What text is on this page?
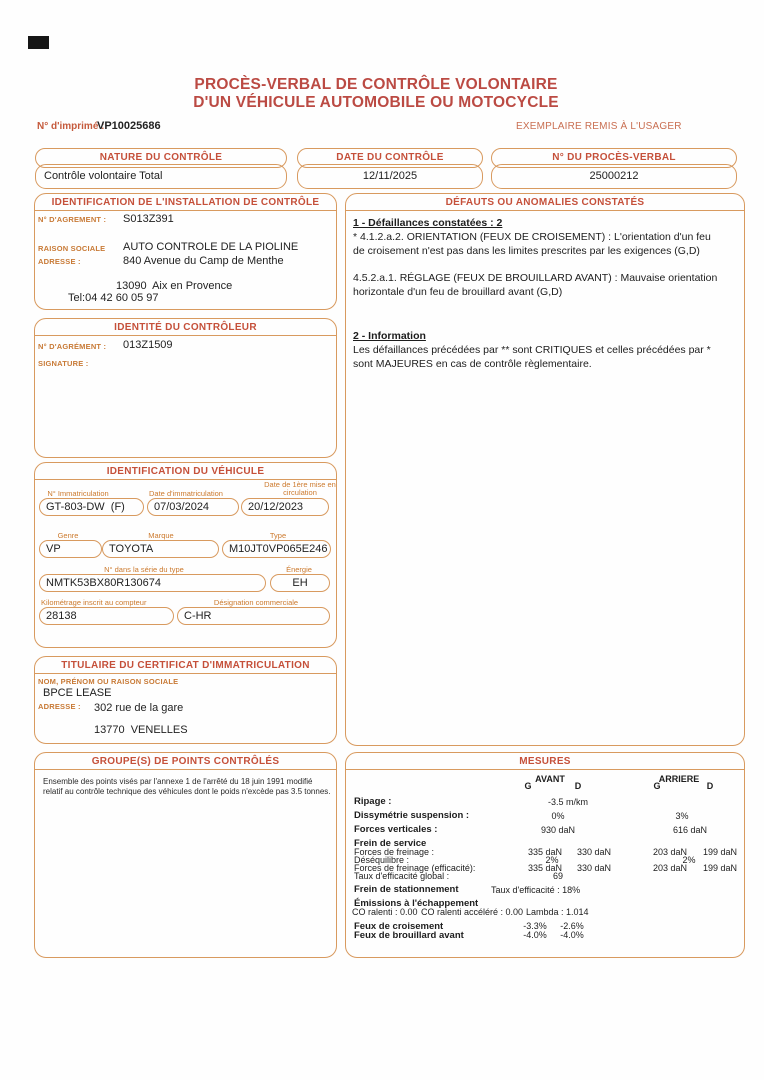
PROCÈS-VERBAL DE CONTRÔLE VOLONTAIRE
D'UN VÉHICULE AUTOMOBILE OU MOTOCYCLE
N° d'imprimé :
VP10025686	EXEMPLAIRE REMIS À L'USAGER
NATURE DU CONTRÔLE
Contrôle volontaire Total
DATE DU CONTRÔLE
12/11/2025
N° DU PROCÈS-VERBAL
25000212
IDENTIFICATION DE L'INSTALLATION DE CONTRÔLE
N° D'AGREMENT : S013Z391
RAISON SOCIALE AUTO CONTROLE DE LA PIOLINE
ADRESSE :	840 Avenue du Camp de Menthe
13090  Aix en Provence
Tel:04 42 60 05 97
DÉFAUTS OU ANOMALIES CONSTATÉS
1 - Défaillances constatées : 2
* 4.1.2.a.2. ORIENTATION (FEUX DE CROISEMENT) : L'orientation d'un feu de croisement n'est pas dans les limites prescrites par les exigences (G,D)
4.5.2.a.1. RÉGLAGE (FEUX DE BROUILLARD AVANT) : Mauvaise orientation horizontale d'un feu de brouillard avant (G,D)
2 - Information
Les défaillances précédées par ** sont CRITIQUES et celles précédées par * sont MAJEURES en cas de contrôle règlementaire.
IDENTITÉ DU CONTRÔLEUR
N° D'AGRÉMENT : 013Z1509
SIGNATURE :
IDENTIFICATION DU VÉHICULE
N° Immatriculation	Date d'immatriculation
Date de 1ère mise en circulation
GT-803-DW  (F)	07/03/2024	20/12/2023
Genre	Marque	Type
VP	TOYOTA	M10JT0VP065E246
N° dans la série du type	Énergie
NMTK53BX80R130674	EH
Kilométrage inscrit au compteur	Désignation commerciale
28138	C-HR
TITULAIRE DU CERTIFICAT D'IMMATRICULATION
NOM, PRÉNOM OU RAISON SOCIALE
BPCE LEASE
ADRESSE : 302 rue de la gare
13770  VENELLES
GROUPE(S) DE POINTS CONTRÔLÉS
Ensemble des points visés par l'annexe 1 de l'arrêté du 18 juin 1991 modifié relatif au contrôle technique des véhicules dont le poids n'excède pas 3.5 tonnes.
MESURES
AVANT	ARRIERE
G	D	G	D
Ripage :	-3.5 m/km
Dissymétrie suspension :	0%	3%
Forces verticales :	930 daN	616 daN
Frein de service
Forces de freinage :	335 daN 330 daN	203 daN 199 daN
Déséquilibre :	2%	2%
Forces de freinage (efficacité):	335 daN 330 daN	203 daN 199 daN
Taux d'efficacité global :	69
Frein de stationnement	Taux d'efficacité : 18%
Émissions à l'échappement
CO ralenti : 0.00 CO ralenti accéléré : 0.00 Lambda : 1.014
Feux de croisement	-3.3% -2.6%
Feux de brouillard avant	-4.0% -4.0%
